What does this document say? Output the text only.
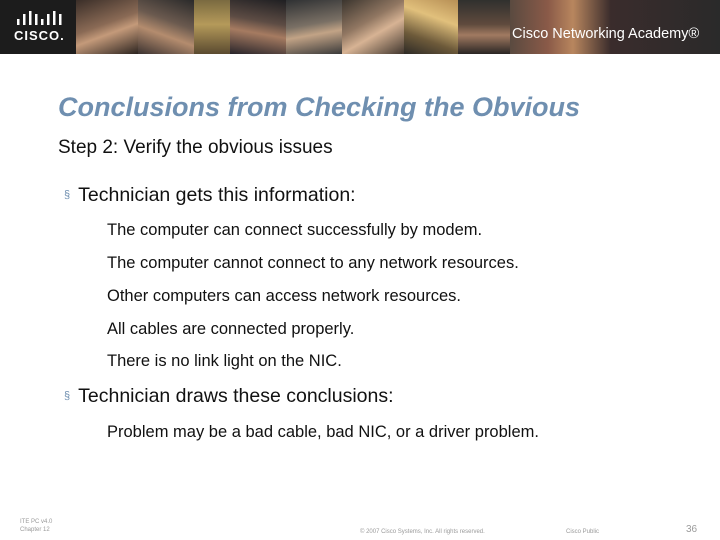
CISCO.	Cisco Networking Academy®
Conclusions from Checking the Obvious
Step 2: Verify the obvious issues
§ Technician gets this information:
The computer can connect successfully by modem.
The computer cannot connect to any network resources.
Other computers can access network resources.
All cables are connected properly.
There is no link light on the NIC.
§ Technician draws these conclusions:
Problem may be a bad cable, bad NIC, or a driver problem.
ITE PC v4.0
Chapter 12	© 2007 Cisco Systems, Inc. All rights reserved.	Cisco Public	36
